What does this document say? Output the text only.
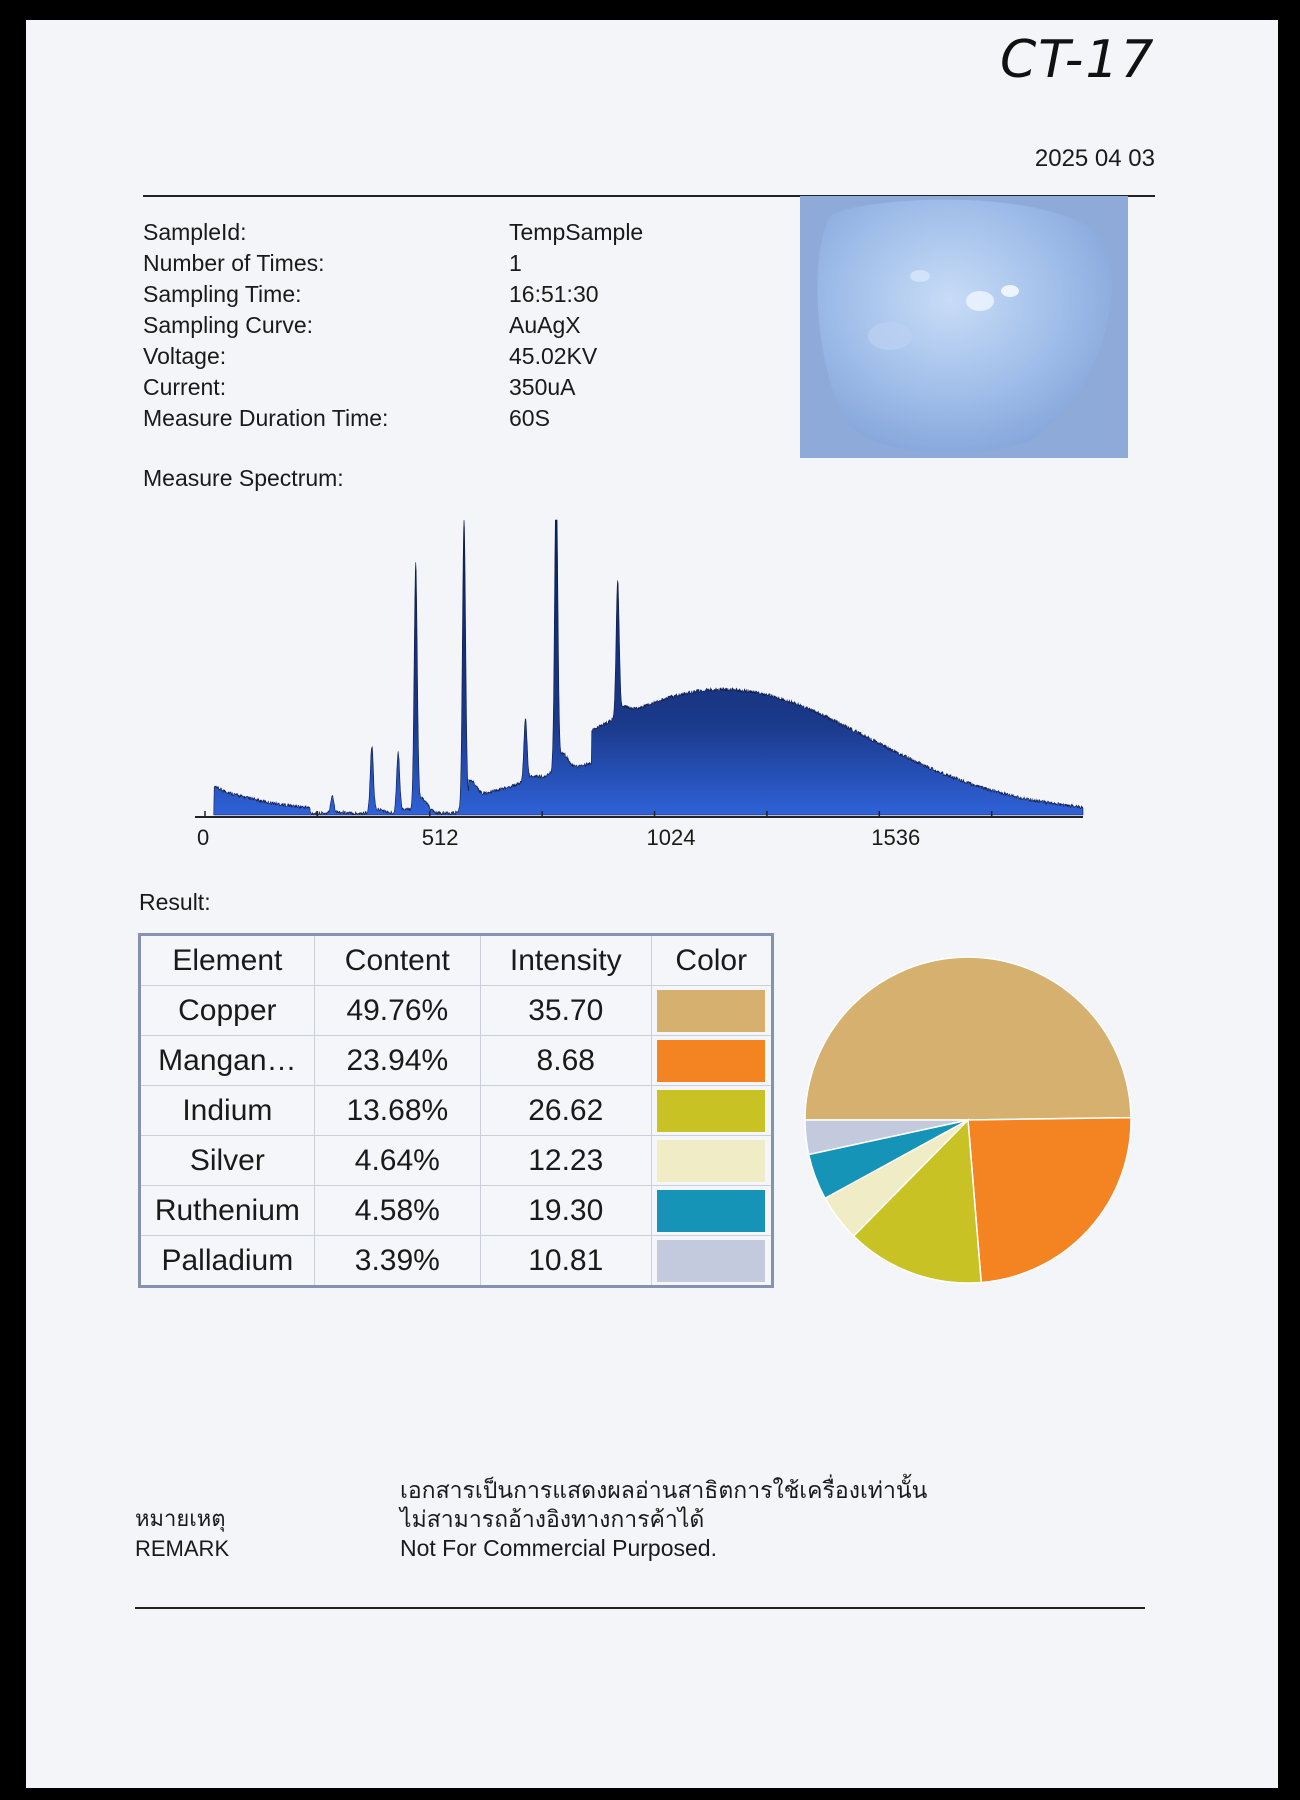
CT-17
2025 04 03
SampleId:	TempSample
Number of Times:	1
Sampling Time:	16:51:30
Sampling Curve:	AuAgX
Voltage:	45.02KV
Current:	350uA
Measure Duration Time:	60S
Measure Spectrum:
0	512	1024	1536
Result:
Element	Content	Intensity	Color
Copper	49.76%	35.70	

Mangan…	23.94%	8.68	

Indium	13.68%	26.62	

Silver	4.64%	12.23	

Ruthenium	4.58%	19.30	

Palladium	3.39%	10.81	
หมายเหตุ
REMARK
เอกสารเป็นการแสดงผลอ่านสาธิตการใช้เครื่องเท่านั้น
ไม่สามารถอ้างอิงทางการค้าได้
Not For Commercial Purposed.
